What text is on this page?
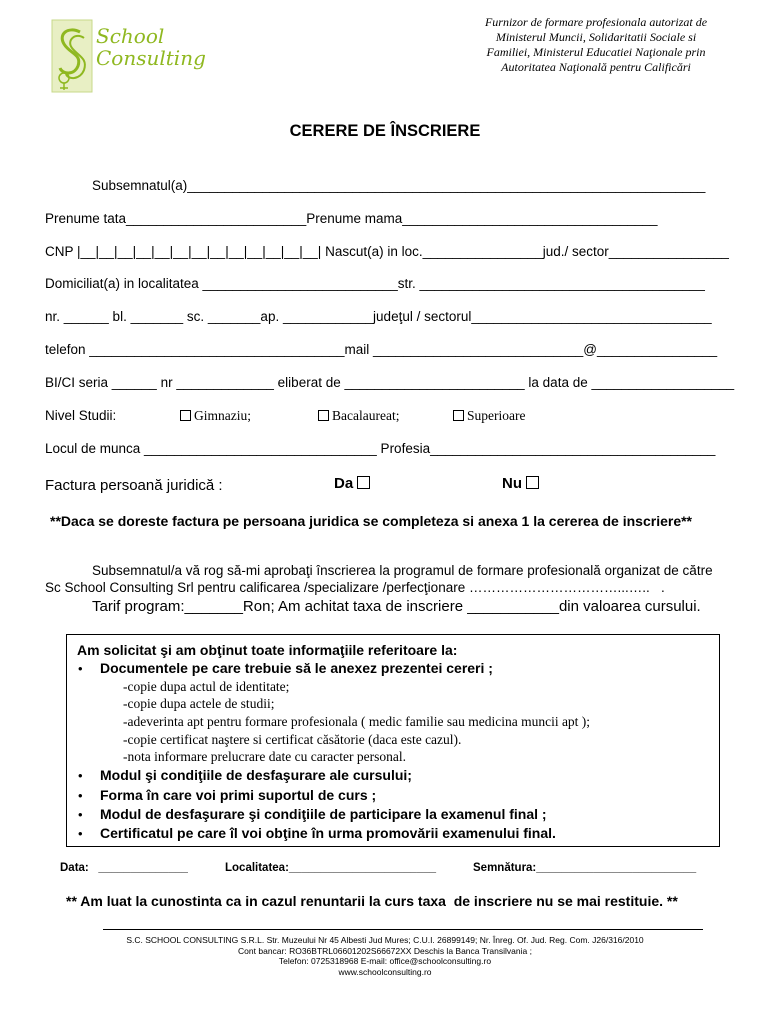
School
Consulting
Furnizor de formare profesionala autorizat de
Ministerul Muncii, Solidaritatii Sociale si
Familiei, Ministerul Educatiei Naţionale prin
Autoritatea Naţională pentru Calificări
CERERE DE ÎNSCRIERE
Subsemnatul(a)_____________________________________________________________________
Prenume tata________________________Prenume mama__________________________________
CNP |__|__|__|__|__|__|__|__|__|__|__|__|__| Nascut(a) in loc.________________jud./ sector________________
Domiciliat(a) in localitatea __________________________str. ______________________________________
nr. ______ bl. _______ sc. _______ap. ____________judeţul / sectorul________________________________
telefon __________________________________mail ____________________________@________________
BI/CI seria ______ nr _____________ eliberat de ________________________ la data de ___________________
Nivel Studii:	Gimnaziu;	Bacalaureat;	Superioare
Locul de munca _______________________________ Profesia______________________________________
Factura persoană juridică :	Da	Nu
**Daca se doreste factura pe persoana juridica se completeza si anexa 1 la cererea de inscriere**
Subsemnatul/a vă rog să-mi aprobaţi înscrierea la programul de formare profesională organizat de către
Sc School Consulting Srl pentru calificarea /specializare /perfecţionare ……………………………...…..   .
Tarif program:_______Ron; Am achitat taxa de inscriere ___________din valoarea cursului.
Am solicitat şi am obţinut toate informaţiile referitoare la:
• Documentele pe care trebuie să le anexez prezentei cereri ;
-copie dupa actul de identitate;
-copie dupa actele de studii;
-adeverinta apt pentru formare profesionala ( medic familie sau medicina muncii apt );
-copie certificat naştere si certificat căsătorie (daca este cazul).
-nota informare prelucrare date cu caracter personal.
• Modul şi condiţiile de desfaşurare ale cursului;
• Forma în care voi primi suportul de curs ;
• Modul de desfaşurare şi condiţiile de participare la examenul final ;
• Certificatul pe care îl voi obţine în urma promovării examenului final.
Data:   ______________	Localitatea:_______________________	Semnătura:_________________________
** Am luat la cunostinta ca in cazul renuntarii la curs taxa  de inscriere nu se mai restituie. **
S.C. SCHOOL CONSULTING S.R.L. Str. Muzeului Nr 45 Albesti Jud Mures; C.U.I. 26899149; Nr. Înreg. Of. Jud. Reg. Com. J26/316/2010
Cont bancar: RO36BTRL06601202S66672XX Deschis la Banca Transilvania ;
Telefon: 0725318968 E-mail: office@schoolconsulting.ro
www.schoolconsulting.ro
